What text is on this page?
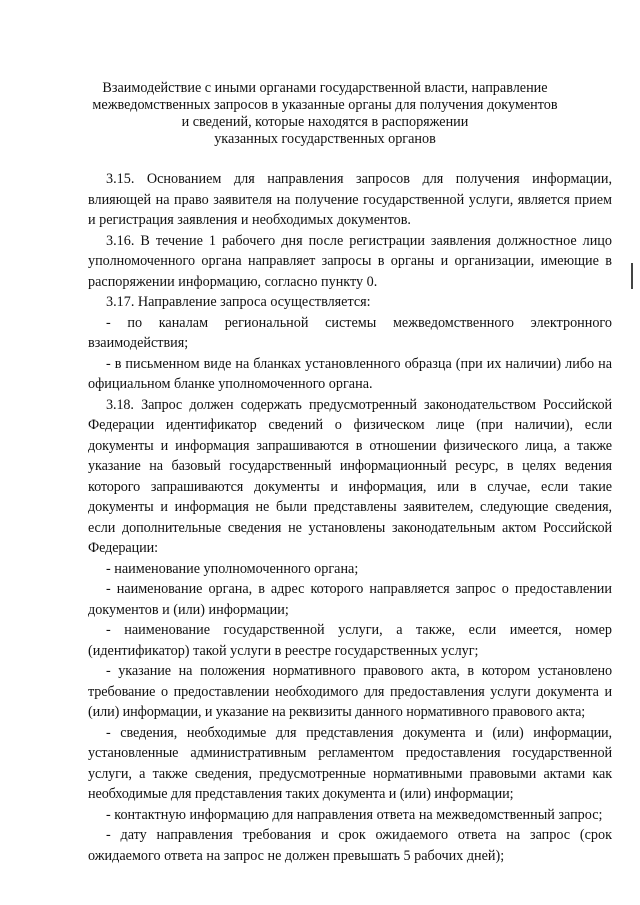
Взаимодействие с иными органами государственной власти, направление
межведомственных запросов в указанные органы для получения документов
и сведений, которые находятся в распоряжении
указанных государственных органов

3.15. Основанием для направления запросов для получения информации, влияющей на право заявителя на получение государственной услуги, является прием и регистрация заявления и необходимых документов.

3.16. В течение 1 рабочего дня после регистрации заявления должностное лицо уполномоченного органа направляет запросы в органы и организации, имеющие в распоряжении информацию, согласно пункту 0.

3.17. Направление запроса осуществляется:

- по каналам региональной системы межведомственного электронного взаимодействия;

- в письменном виде на бланках установленного образца (при их наличии) либо на официальном бланке уполномоченного органа.

3.18. Запрос должен содержать предусмотренный законодательством Российской Федерации идентификатор сведений о физическом лице (при наличии), если документы и информация запрашиваются в отношении физического лица, а также указание на базовый государственный информационный ресурс, в целях ведения которого запрашиваются документы и информация, или в случае, если такие документы и информация не были представлены заявителем, следующие сведения, если дополнительные сведения не установлены законодательным актом Российской Федерации:

- наименование уполномоченного органа;

- наименование органа, в адрес которого направляется запрос о предоставлении документов и (или) информации;

- наименование государственной услуги, а также, если имеется, номер (идентификатор) такой услуги в реестре государственных услуг;

- указание на положения нормативного правового акта, в котором установлено требование о предоставлении необходимого для предоставления услуги документа и (или) информации, и указание на реквизиты данного нормативного правового акта;

- сведения, необходимые для представления документа и (или) информации, установленные административным регламентом предоставления государственной услуги, а также сведения, предусмотренные нормативными правовыми актами как необходимые для представления таких документа и (или) информации;

- контактную информацию для направления ответа на межведомственный запрос;

- дату направления требования и срок ожидаемого ответа на запрос (срок ожидаемого ответа на запрос не должен превышать 5 рабочих дней);
